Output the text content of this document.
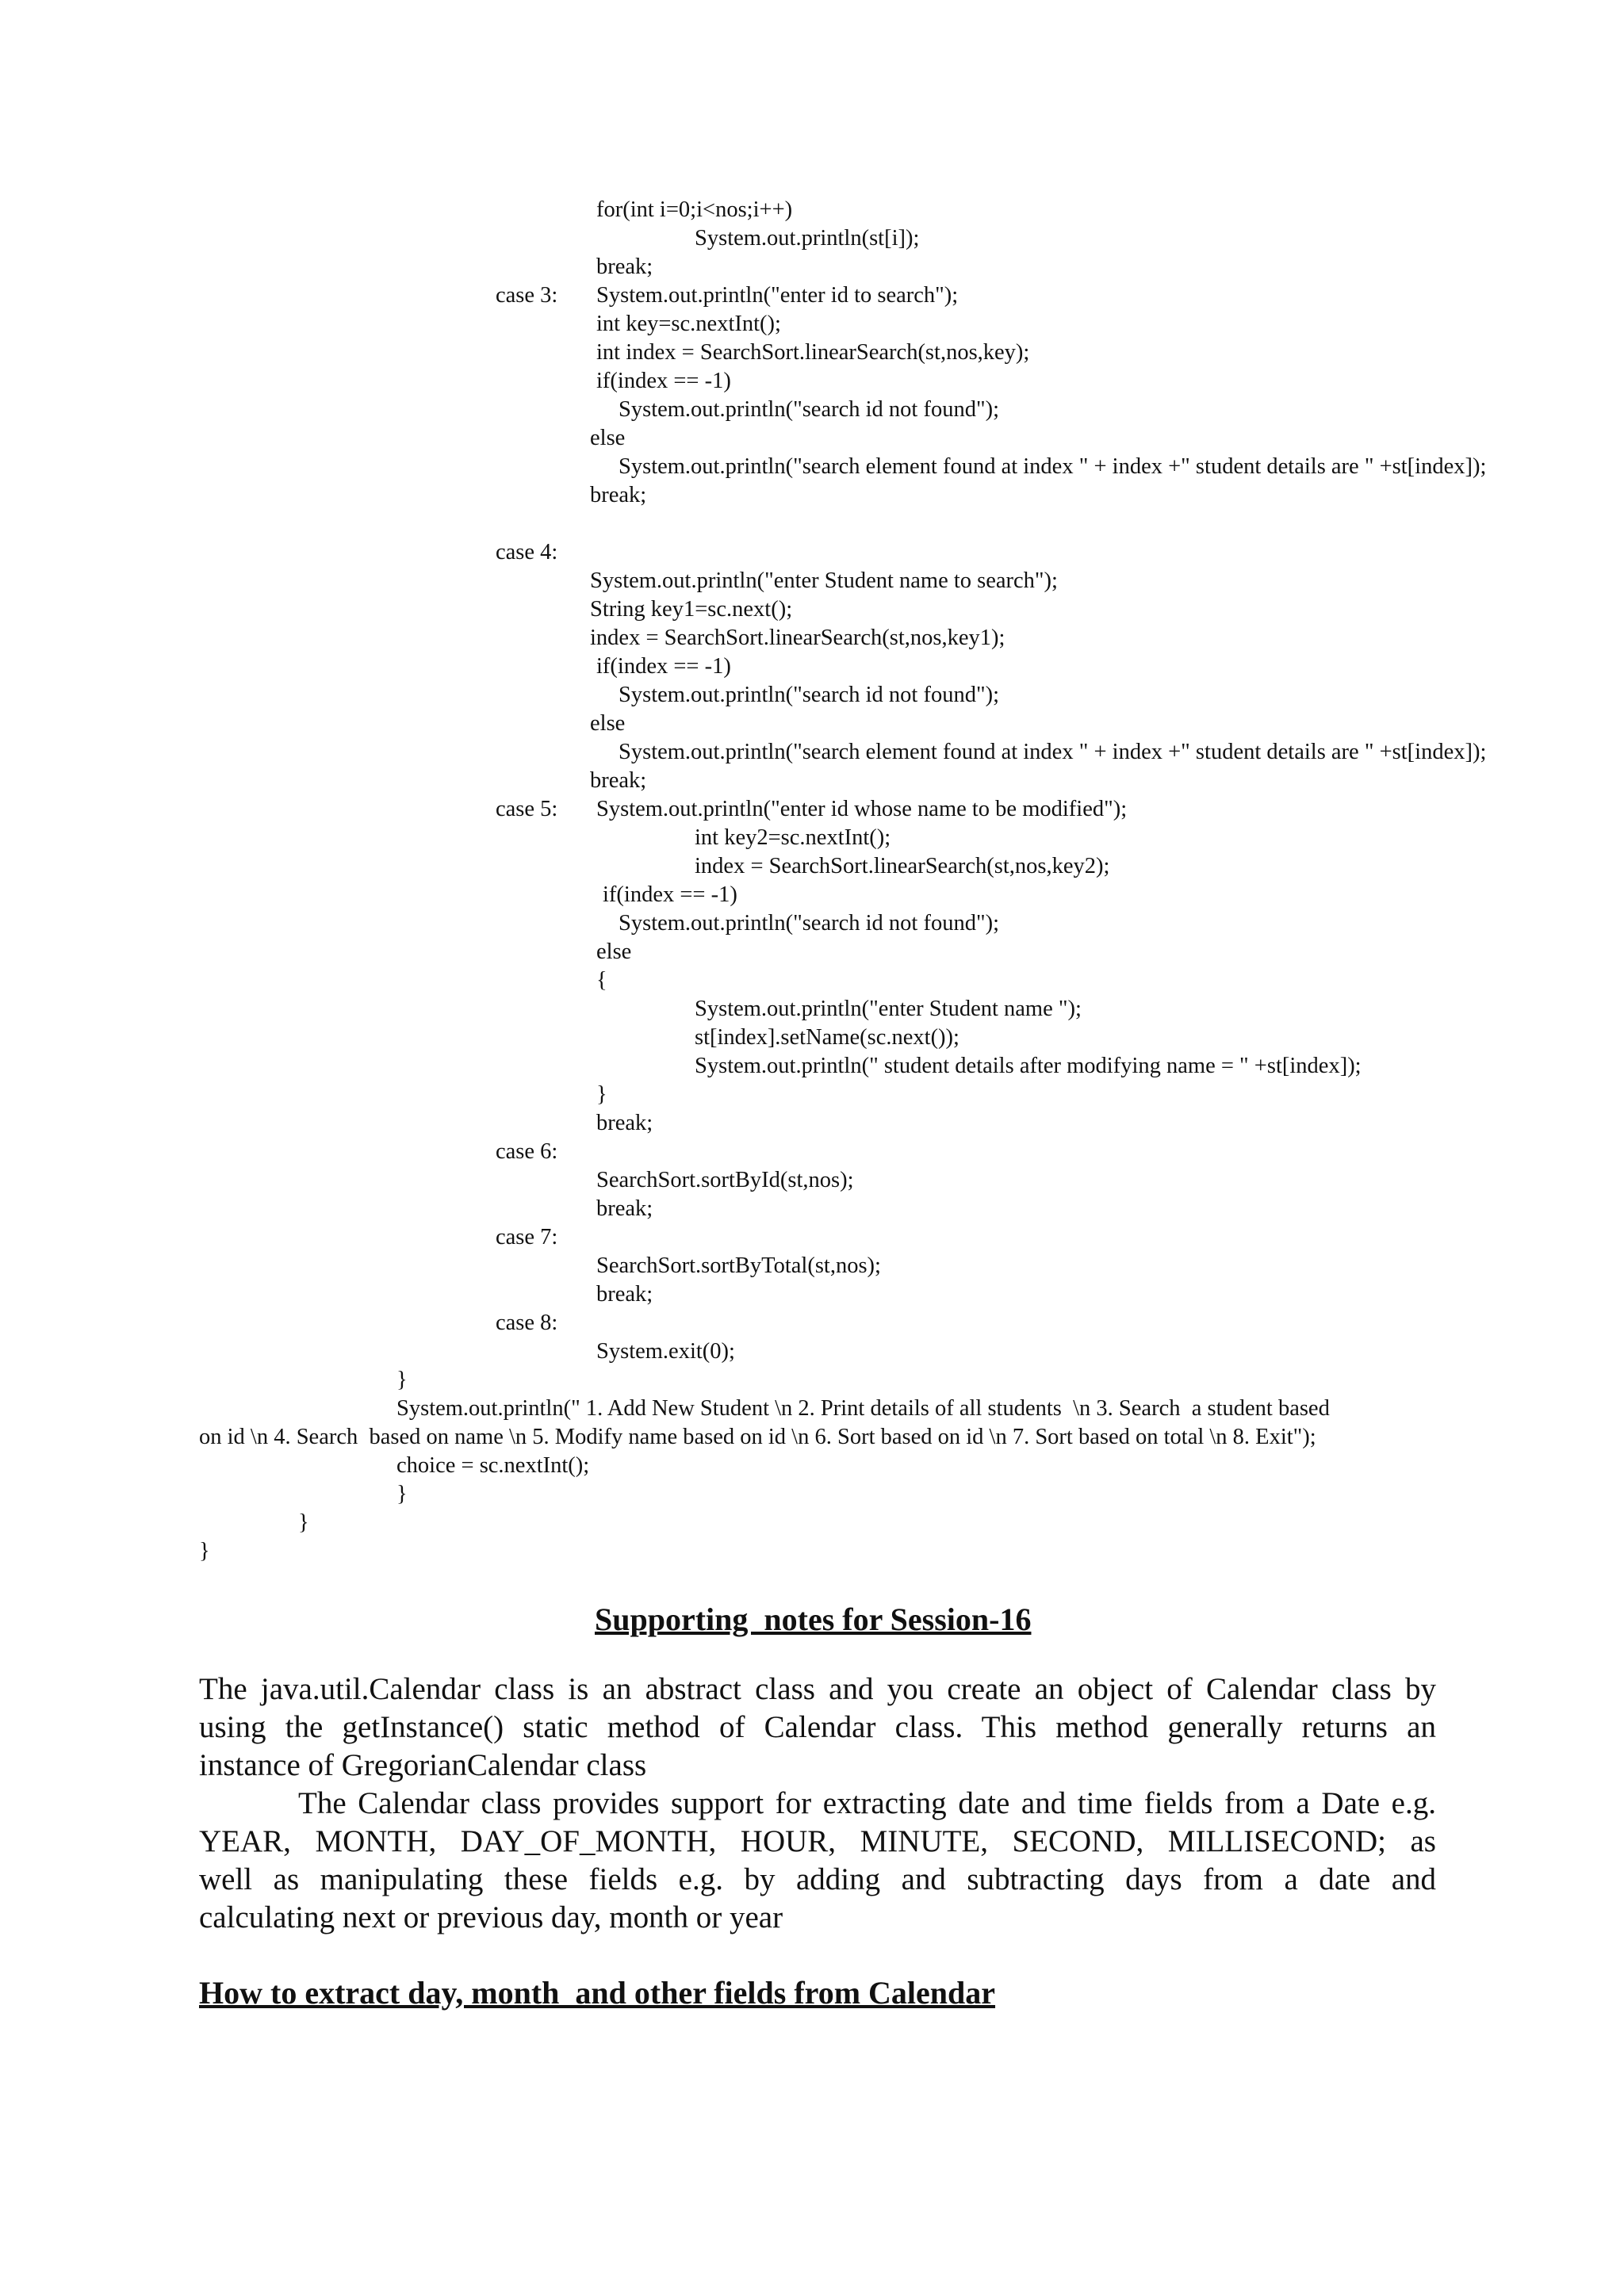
for(int i=0;i<nos;i++)
System.out.println(st[i]);
break;
case 3: System.out.println("enter id to search");
int key=sc.nextInt();
int index = SearchSort.linearSearch(st,nos,key);
if(index == -1)
System.out.println("search id not found");
else
System.out.println("search element found at index " + index +" student details are " +st[index]);
break;
case 4:
System.out.println("enter Student name to search");
String key1=sc.next();
index = SearchSort.linearSearch(st,nos,key1);
if(index == -1)
System.out.println("search id not found");
else
System.out.println("search element found at index " + index +" student details are " +st[index]);
break;
case 5: System.out.println("enter id whose name to be modified");
int key2=sc.nextInt();
index = SearchSort.linearSearch(st,nos,key2);
if(index == -1)
System.out.println("search id not found");
else
{
System.out.println("enter Student name ");
st[index].setName(sc.next());
System.out.println(" student details after modifying name = " +st[index]);
}
break;
case 6:
SearchSort.sortById(st,nos);
break;
case 7:
SearchSort.sortByTotal(st,nos);
break;
case 8:
System.exit(0);
}
System.out.println(" 1. Add New Student \n 2. Print details of all students  \n 3. Search  a student based
on id \n 4. Search  based on name \n 5. Modify name based on id \n 6. Sort based on id \n 7. Sort based on total \n 8. Exit");
choice = sc.nextInt();
}
}
}
Supporting  notes for Session-16
The java.util.Calendar class is an abstract class and you create an object of Calendar class by
using the getInstance() static method of Calendar class. This method generally returns an
instance of GregorianCalendar class
The Calendar class provides support for extracting date and time fields from a Date e.g.
YEAR, MONTH, DAY_OF_MONTH, HOUR, MINUTE, SECOND, MILLISECOND; as
well as manipulating these fields e.g. by adding and subtracting days from a date and
calculating next or previous day, month or year
How to extract day, month  and other fields from Calendar
